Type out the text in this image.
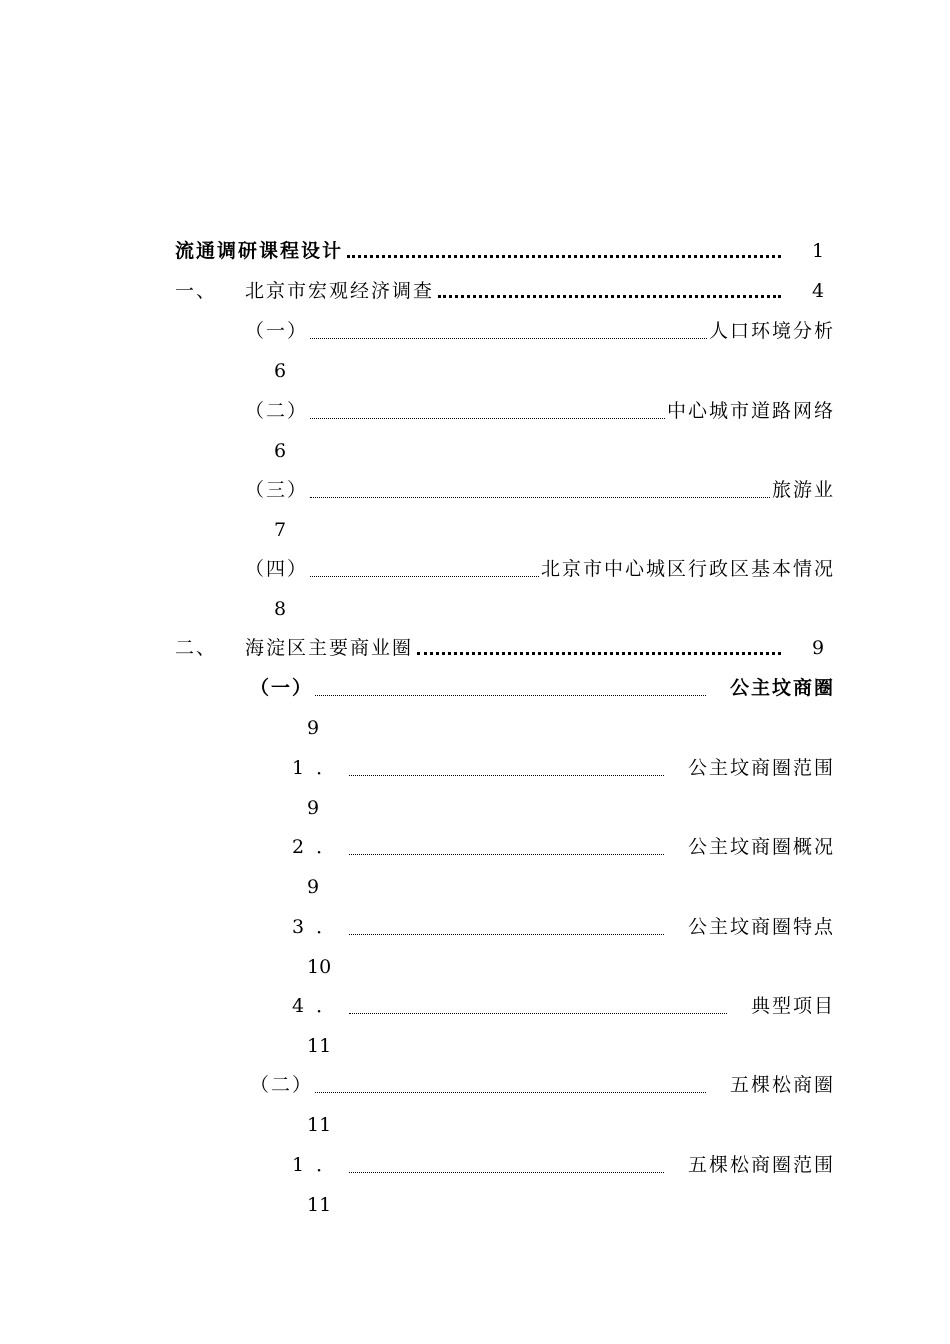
流通调研课程设计	1
一、	北京市宏观经济调查	4
（一）	人口环境分析
6
（二）	中心城市道路网络
6
（三）	旅游业
7
（四）	北京市中心城区行政区基本情况
8
二、	海淀区主要商业圈	9
（一）	公主坟商圈
9
1．	公主坟商圈范围
9
2．	公主坟商圈概况
9
3．	公主坟商圈特点
10
4．	典型项目
11
（二）	五棵松商圈
11
1．	五棵松商圈范围
11
